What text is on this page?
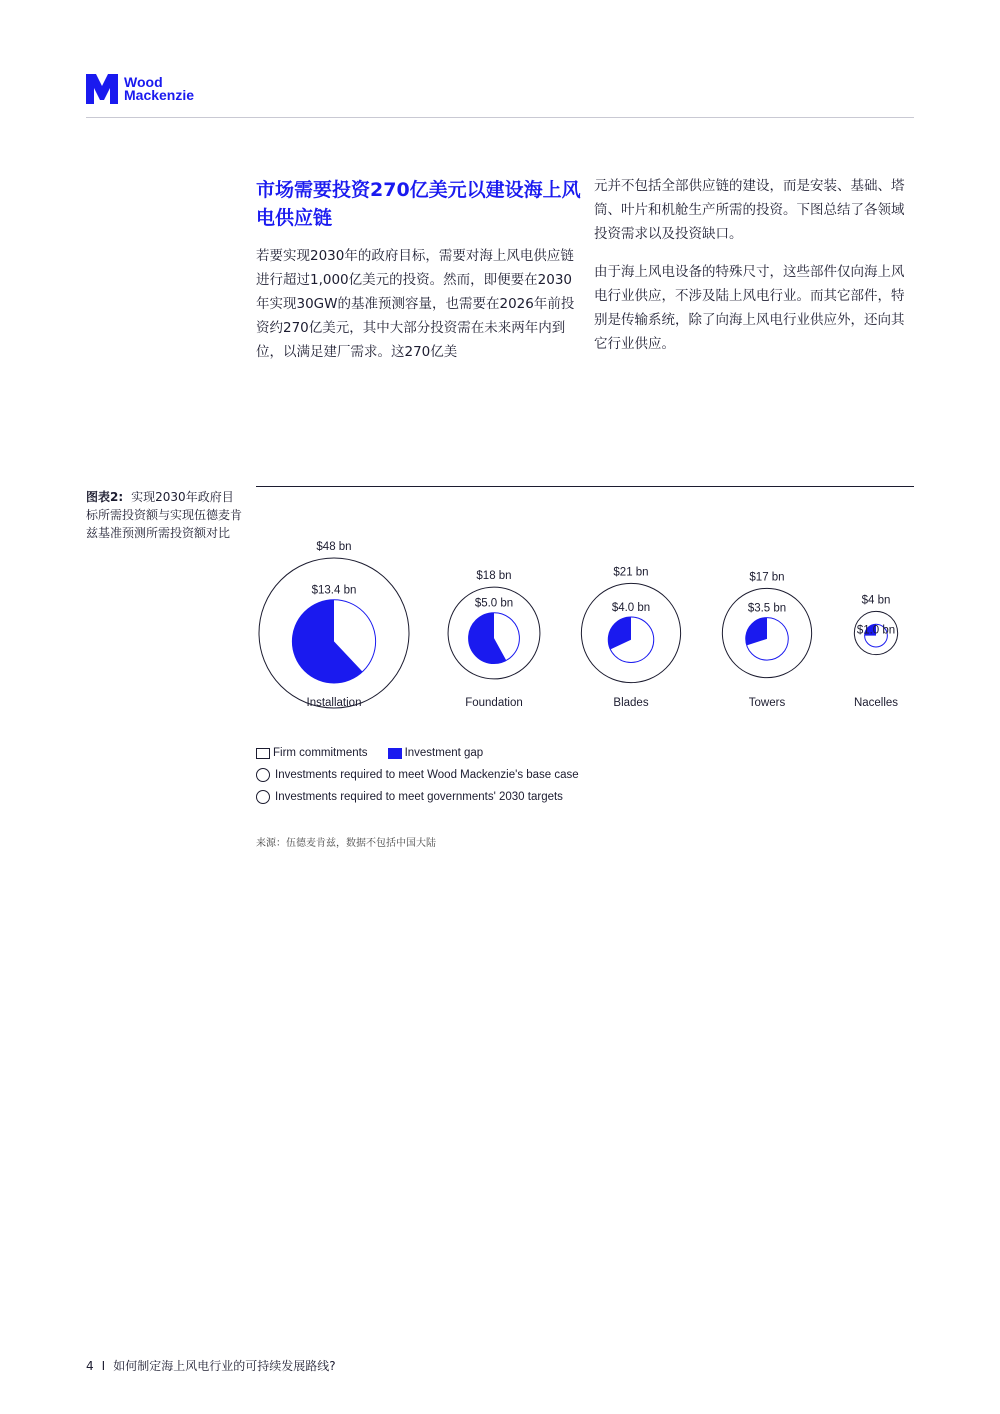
Wood
Mackenzie
市场需要投资270亿美元以建设海上风电供应链

若要实现2030年的政府目标，需要对海上风电供应链进行超过1,000亿美元的投资。然而，即便要在2030年实现30GW的基准预测容量，也需要在2026年前投资约270亿美元，其中大部分投资需在未来两年内到位，以满足建厂需求。这270亿美

元并不包括全部供应链的建设，而是安装、基础、塔筒、叶片和机舱生产所需的投资。下图总结了各领域投资需求以及投资缺口。

由于海上风电设备的特殊尺寸，这些部件仅向海上风电行业供应，不涉及陆上风电行业。而其它部件，特别是传输系统，除了向海上风电行业供应外，还向其它行业供应。

图表2: 实现2030年政府目标所需投资额与实现伍德麦肯兹基准预测所需投资额对比
$48 bn
$13.4 bn
Installation
$18 bn
$5.0 bn
Foundation
$21 bn
$4.0 bn
Blades
$17 bn
$3.5 bn
Towers
$4 bn
$1.0 bn
Nacelles
Firm commitments	Investment gap
Investments required to meet Wood Mackenzie's base case
Investments required to meet governments' 2030 targets
来源：伍德麦肯兹，数据不包括中国大陆
4 I 如何制定海上风电行业的可持续发展路线?
